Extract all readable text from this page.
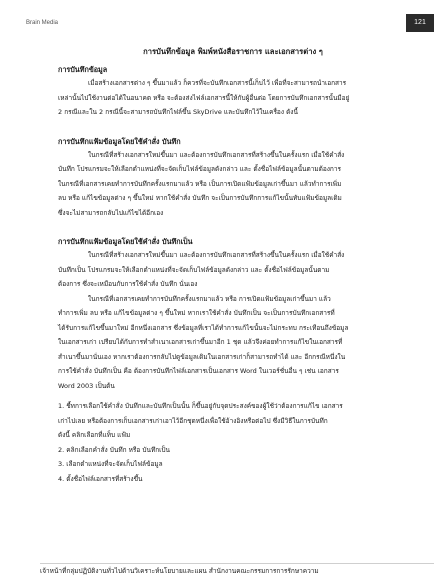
Brain Media	121
การบันทึกข้อมูล พิมพ์หนังสือราชการ และเอกสารต่าง ๆ
การบันทึกข้อมูล
เมื่อสร้างเอกสารต่าง ๆ ขึ้นมาแล้ว ก็ควรที่จะบันทึกเอกสารนี้เก็บไว้ เพื่อที่จะสามารถนำเอกสาร
เหล่านั้นไปใช้งานต่อได้ในอนาคต หรือ จะต้องส่งไฟล์เอกสารนี้ให้กับผู้อื่นต่อ โดยการบันทึกเอกสารนั้นมีอยู่
2 กรณีและใน 2 กรณีนี้จะสามารถบันทึกไฟล์ขึ้น SkyDrive และบันทึกไว้ในเครื่อง ดังนี้
การบันทึกแฟ้มข้อมูลโดยใช้คำสั่ง บันทึก
ในกรณีที่สร้างเอกสารใหม่ขึ้นมา และต้องการบันทึกเอกสารที่สร้างขึ้นในครั้งแรก เมื่อใช้คำสั่ง
บันทึก โปรแกรมจะให้เลือกตำแหน่งที่จะจัดเก็บไฟล์ข้อมูลดังกล่าว และ ตั้งชื่อไฟล์ข้อมูลนั้นตามต้องการ
ในกรณีที่เอกสารเคยทำการบันทึกครั้งแรกมาแล้ว หรือ เป็นการเปิดแฟ้มข้อมูลเก่าขึ้นมา แล้วทำการเพิ่ม
ลบ หรือ แก้ไขข้อมูลต่าง ๆ ขึ้นใหม่ หากใช้คำสั่ง บันทึก จะเป็นการบันทึกการแก้ไขนั้นทับแฟ้มข้อมูลเดิม
ซึ่งจะไม่สามารถกลับไปแก้ไขได้อีกเอง
การบันทึกแฟ้มข้อมูลโดยใช้คำสั่ง บันทึกเป็น
ในกรณีที่สร้างเอกสารใหม่ขึ้นมา และต้องการบันทึกเอกสารที่สร้างขึ้นในครั้งแรก เมื่อใช้คำสั่ง
บันทึกเป็น โปรแกรมจะให้เลือกตำแหน่งที่จะจัดเก็บไฟล์ข้อมูลดังกล่าว และ ตั้งชื่อไฟล์ข้อมูลนั้นตาม
ต้องการ ซึ่งจะเหมือนกับการใช้คำสั่ง บันทึก นั่นเอง
ในกรณีที่เอกสารเคยทำการบันทึกครั้งแรกมาแล้ว หรือ การเปิดแฟ้มข้อมูลเก่าขึ้นมา แล้ว
ทำการเพิ่ม ลบ หรือ แก้ไขข้อมูลต่าง ๆ ขึ้นใหม่ หากเราใช้คำสั่ง บันทึกเป็น จะเป็นการบันทึกเอกสารที่
ได้รับการแก้ไขขึ้นมาใหม่ อีกหนึ่งเอกสาร ซึ่งข้อมูลที่เราได้ทำการแก้ไขนั้นจะไม่กระทบ กระเทือนถึงข้อมูล
ในเอกสารเก่า เปรียบได้กับการทำสำเนาเอกสารเก่าขึ้นมาอีก 1 ชุด แล้วจึงค่อยทำการแก้ไขในเอกสารที่
สำเนาขึ้นมานั่นเอง หากเราต้องการกลับไปดูข้อมูลเดิมในเอกสารเก่าก็สามารถทำได้ และ อีกกรณีหนึ่งใน
การใช้คำสั่ง บันทึกเป็น คือ ต้องการบันทึกไฟล์เอกสารเป็นเอกสาร Word ในเวอร์ชั่นอื่น ๆ เช่น เอกสาร
Word 2003 เป็นต้น
1. ชี้ทการเลือกใช้คำสั่ง บันทึกและบันทึกเป็นนั้น ก็ขึ้นอยู่กับจุดประสงค์ของผู้ใช้ว่าต้องการแก้ไข เอกสาร
เก่าไปเลย หรือต้องการเก็บเอกสารเก่าเอาไว้อีกชุดหนึ่งเพื่อใช้อ้างอิงหรือต่อไป ซึ่งมีวิธีในการบันทึก
ดังนี้ คลิกเลือกที่แท็บ แฟ้ม
2. คลิกเลือกคำสั่ง บันทึก หรือ บันทึกเป็น
3. เลือกตำแหน่งที่จะจัดเก็บไฟล์ข้อมูล
4. ตั้งชื่อไฟล์เอกสารที่สร้างขึ้น
เจ้าหน้าที่กลุ่มปฏิบัติงานทั่วไปด้านวิเคราะห์นโยบายและแผน สำนักงานคณะกรรมการการรักษาความ
